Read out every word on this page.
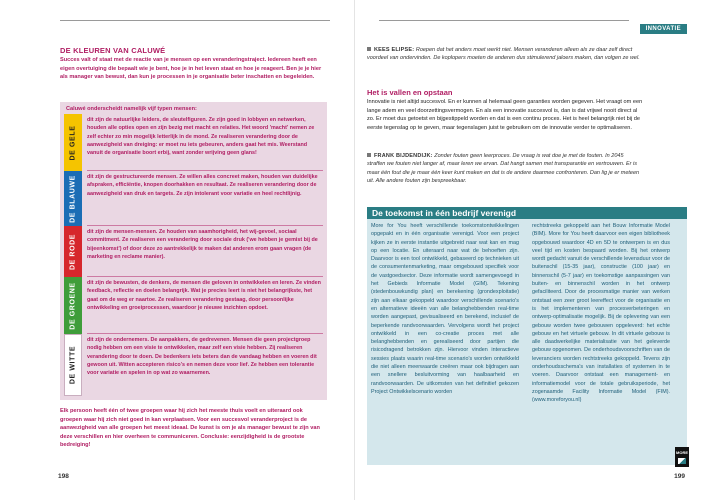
DE KLEUREN VAN CALUWÉ
Succes valt of staat met de reactie van je mensen op een veranderingstraject. Iedereen heeft een eigen overtuiging die bepaalt wie je bent, hoe je in het leven staat en hoe je reageert. Ben je je hier als manager van bewust, dan kun je processen in je organisatie beter inschatten en begeleiden.
Caluwé onderscheidt namelijk vijf typen mensen:
DE GELE
dit zijn de natuurlijke leiders, de sleutelfiguren. Ze zijn goed in lobbyen en netwerken, houden alle opties open en zijn bezig met macht en relaties. Het woord 'macht' nemen ze zelf echter zo min mogelijk letterlijk in de mond. Ze realiseren verandering door de aanwezigheid van dreiging: er moet nu iets gebeuren, anders gaat het mis. Weerstand vanuit de organisatie boort erbij, want zonder wrijving geen glans!
DE BLAUWE dit zijn de gestructureerde mensen. Ze willen alles concreet maken, houden van duidelijke afspraken, efficiëntie, knopen doorhakken en resultaat. Ze realiseren verandering door de aanwezigheid van druk en targets. Ze zijn intolerant voor variatie en heel rechtlijnig.
DE RODE
dit zijn de mensen-mensen. Ze houden van saamhorigheid, het wij-gevoel, sociaal commitment. Ze realiseren een verandering door sociale druk ('we hebben je gemist bij de bijeenkomst') of door deze zo aantrekkelijk te maken dat anderen erom gaan vragen (de marketing en reclame manier).
DE GROENE dit zijn de bewusten, de denkers, de mensen die geloven in ontwikkelen en leren. Ze vinden feedback, reflectie en doelen belangrijk. Wat je precies leert is niet het belangrijkste, het gaat om de weg er naartoe. Ze realiseren verandering gestaag, door persoonlijke ontwikkeling en groeiprocessen, waardoor je nieuwe inzichten opdoet.
DE WITTE
dit zijn de ondernemers. De aanpakkers, de gedrevenen. Mensen die geen projectgroep nodig hebben om een visie te ontwikkelen, maar zelf een visie hebben. Zij realiseren verandering door te doen. De bedenkers iets beters dan de vandaag hebben en voeren dit gewoon uit. Witten accepteren risico's en nemen deze voor lief. Ze hebben een tolerantie voor variatie en spelen in op wat zo waarnemen.
Elk persoon heeft één of twee groepen waar hij zich het meeste thuis voelt en uiteraard ook groepen waar hij zich niet goed in kan verplaatsen. Voor een succesvol veranderproject is de aanwezigheid van alle groepen het meest ideaal. De kunst is om je als manager bewust te zijn van deze verschillen en hier overheen te communiceren. Conclusie: eenzijdigheid is de grootste bedreiging!
198
INNOVATIE
KEES ELIPSE: Roepen dat het anders moet werkt niet. Mensen veranderen alleen als ze daar zelf direct voordeel van ondervinden. De koplopers moeten de anderen dus stimulerend jaloers maken, dan volgen ze wel.
Het is vallen en opstaan
Innovatie is niet altijd succesvol. En er kunnen al helemaal geen garanties worden gegeven. Het vraagt om een lange adem en veel doorzettingsvermogen. En als een innovatie succesvol is, dan is dat vrijwel nooit direct al zo. Er moet dus getoetst en bijgestippeld worden en dat is een continu proces. Het is heel belangrijk niet bij de eerste tegenslag op te geven, maar tegenslagen juist te gebruiken om de innovatie verder te optimaliseren.
FRANK BIJDENDIJK: Zonder fouten geen leerproces. De vraag is wat doe je met de fouten. In 2045 straffen we fouten niet langer af, maar leren we ervan. Dat hangt samen met transparantie en vertrouwen. Er is maar één fout die je maar één keer kunt maken en dat is de andere daarmee confronteren. Dan lig je er meteen uit. Alle andere fouten zijn bespreekbaar.
De toekomst in één bedrijf verenigd
More for You heeft verschillende toekomstontwikkelingen opgepakt en in één organisatie verenigd. Voor een project kijken ze in eerste instantie uitgebreid naar wat kan en mag op een locatie. En uiteraard naar wat de behoeften zijn. Daarvoor is een tool ontwikkeld, gebaseerd op technieken uit de consumentenmarketing, maar omgebouwd specifiek voor de vastgoedsector. Deze informatie wordt samengevoegd in het Gebieds Informatie Model (GIM). Tekening (stedenbouwkundig plan) en berekening (grondexploitatie) zijn aan elkaar gekoppeld waardoor verschillende scenario's en alternatieve ideeën van alle belanghebbenden real-time worden aangepast, gevisualiseerd en berekend, inclusief de beperkende randvoorwaarden. Vervolgens wordt het project ontwikkeld in een co-creatie proces met alle belanghebbenden en gerealiseerd door partijen die risicodragend betrokken zijn. Hiervoor vinden interactieve sessies plaats waarin real-time scenario's worden ontwikkeld die niet alleen meerwaarde creëren maar ook bijdragen aan een snellere besluitvorming van haalbaarheid en randvoorwaarden. De uitkomsten van het definitief gekozen Project Ontwikkelscenario worden
rechtstreeks gekoppeld aan het Bouw Informatie Model (BIM). More for You heeft daarvoor een eigen bibliotheek opgebouwd waardoor 4D en 5D te ontwerpen is en dus veel tijd en kosten bespaard worden. Bij het ontwerp wordt gedacht vanuit de verschillende levensduur voor de buitenschil (15-35 jaar), constructie (100 jaar) en binnenschil (5-7 jaar) en toekomstige aanpassingen van buiten- en binnenschil worden in het ontwerp gefaciliteerd. Door de procesmatige manier van werken ontstaat een zeer groot leereffect voor de organisatie en is het implementeren van procesverbeteringen en ontwerp-optimalisatie mogelijk. Bij de oplevering van een gebouw worden twee gebouwen opgeleverd: het echte gebouw en het virtuele gebouw. In dit virtuele gebouw is alle daadwerkelijke materialisatie van het geleverde gebouw opgenomen. De onderhoudsvoorschriften van de leveranciers worden rechtstreeks gekoppeld. Tevens zijn onderhoudsschema's van installaties of systemen in te voeren. Daarvoor ontstaat een management- en informatiemodel voor de totale gebruiksperiode, het zogenaamde Facility Informatie Model (FIM). (www.moreforyou.nl)
MORE
199
